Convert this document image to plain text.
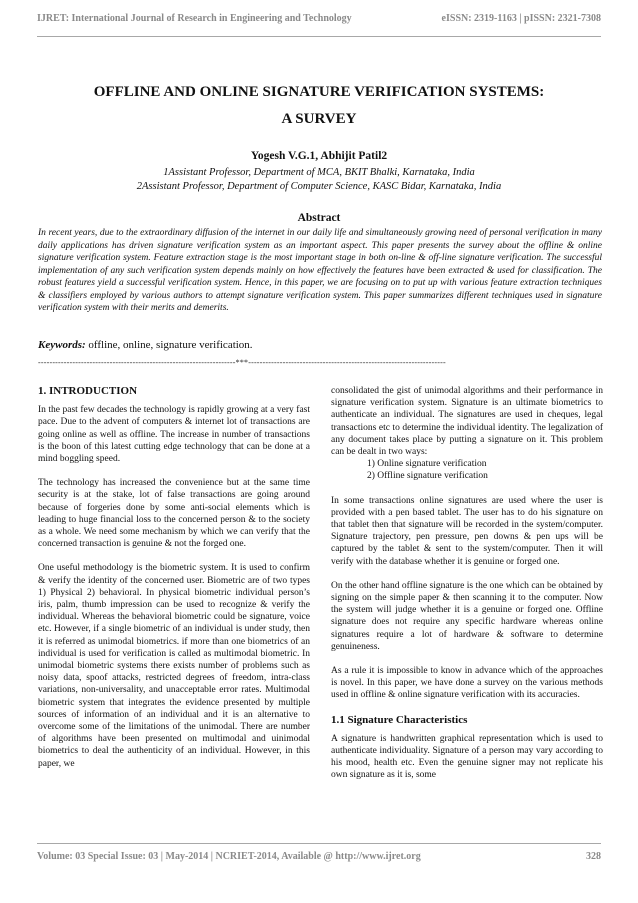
IJRET: International Journal of Research in Engineering and Technology	eISSN: 2319-1163 | pISSN: 2321-7308
OFFLINE AND ONLINE SIGNATURE VERIFICATION SYSTEMS:
A SURVEY
Yogesh V.G.1, Abhijit Patil2
1Assistant Professor, Department of MCA, BKIT Bhalki, Karnataka, India
2Assistant Professor, Department of Computer Science, KASC Bidar, Karnataka, India
Abstract
In recent years, due to the extraordinary diffusion of the internet in our daily life and simultaneously growing need of personal verification in many daily applications has driven signature verification system as an important aspect. This paper presents the survey about the offline & online signature verification system. Feature extraction stage is the most important stage in both on-line & off-line signature verification. The successful implementation of any such verification system depends mainly on how effectively the features have been extracted & used for classification. The robust features yield a successful verification system. Hence, in this paper, we are focusing on to put up with various feature extraction techniques & classifiers employed by various authors to attempt signature verification system. This paper summarizes different techniques used in signature verification system with their merits and demerits.
Keywords: offline, online, signature verification.
---------------------------------------------------------------------***---------------------------------------------------------------------
1. INTRODUCTION

In the past few decades the technology is rapidly growing at a very fast pace. Due to the advent of computers & internet lot of transactions are going online as well as offline. The increase in number of transactions is the boon of this latest cutting edge technology that can be done at a mind boggling speed.

The technology has increased the convenience but at the same time security is at the stake, lot of false transactions are going around because of forgeries done by some anti-social elements which is leading to huge financial loss to the concerned person & to the society as a whole. We need some mechanism by which we can verify that the concerned transaction is genuine & not the forged one.

One useful methodology is the biometric system. It is used to confirm & verify the identity of the concerned user. Biometric are of two types 1) Physical 2) behavioral. In physical biometric individual person’s iris, palm, thumb impression can be used to recognize & verify the individual. Whereas the behavioral biometric could be signature, voice etc. However, if a single biometric of an individual is under study, then it is referred as unimodal biometrics. if more than one biometrics of an individual is used for verification is called as multimodal biometric. In unimodal biometric systems there exists number of problems such as noisy data, spoof attacks, restricted degrees of freedom, intra-class variations, non-universality, and unacceptable error rates. Multimodal biometric system that integrates the evidence presented by multiple sources of information of an individual and it is an alternative to overcome some of the limitations of the unimodal. There are number of algorithms have been presented on multimodal and uinimodal biometrics to deal the authenticity of an individual. However, in this paper, we

consolidated the gist of unimodal algorithms and their performance in signature verification system. Signature is an ultimate biometrics to authenticate an individual. The signatures are used in cheques, legal transactions etc to determine the individual identity. The legalization of any document takes place by putting a signature on it. This problem can be dealt in two ways:

1) Online signature verification
2) Offline signature verification

In some transactions online signatures are used where the user is provided with a pen based tablet. The user has to do his signature on that tablet then that signature will be recorded in the system/computer. Signature trajectory, pen pressure, pen downs & pen ups will be captured by the tablet & sent to the system/computer. Then it will verify with the database whether it is genuine or forged one.

On the other hand offline signature is the one which can be obtained by signing on the simple paper & then scanning it to the computer. Now the system will judge whether it is a genuine or forged one. Offline signature does not require any specific hardware whereas online signatures require a lot of hardware & software to determine genuineness.

As a rule it is impossible to know in advance which of the approaches is novel. In this paper, we have done a survey on the various methods used in offline & online signature verification with its accuracies.

1.1 Signature Characteristics

A signature is handwritten graphical representation which is used to authenticate individuality. Signature of a person may vary according to his mood, health etc. Even the genuine signer may not replicate his own signature as it is, some

Volume: 03 Special Issue: 03 | May-2014 | NCRIET-2014, Available @ http://www.ijret.org	328
